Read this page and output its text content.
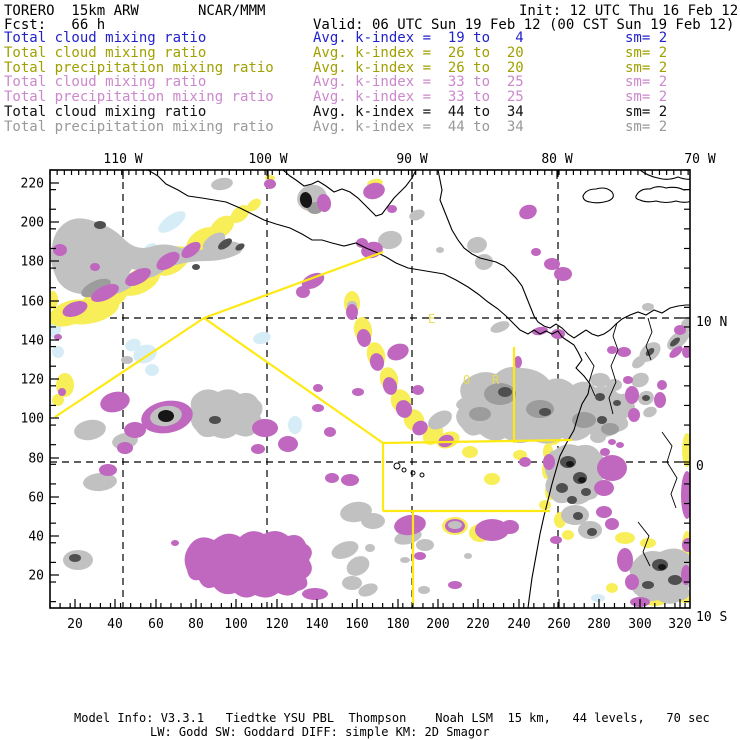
TORERO  15km ARW	NCAR/MMM	Init: 12 UTC Thu 16 Feb 12
Fcst:   66 h	Valid: 06 UTC Sun 19 Feb 12 (00 CST Sun 19 Feb 12)
Total cloud mixing ratio	Avg. k-index =  19 to   4	sm= 2
Total cloud mixing ratio	Avg. k-index =  26 to  20	sm= 2
Total precipitation mixing ratio	Avg. k-index =  26 to  20	sm= 2
Total cloud mixing ratio	Avg. k-index =  33 to  25	sm= 2
Total precipitation mixing ratio	Avg. k-index =  33 to  25	sm= 2
Total cloud mixing ratio	Avg. k-index =  44 to  34	sm= 2
Total precipitation mixing ratio	Avg. k-index =  44 to  34	sm= 2
E
O R
110 W	100 W	90 W	80 W	70 W
20 40 60 80 100 120 140 160 180 200 220 240 260 280 300 320
220
200
180
160
140
120
100
80
60
40
20
10 N
0
10 S
Model Info: V3.3.1   Tiedtke YSU PBL  Thompson    Noah LSM  15 km,   44 levels,   70 sec
LW: Godd SW: Goddard DIFF: simple KM: 2D Smagor
